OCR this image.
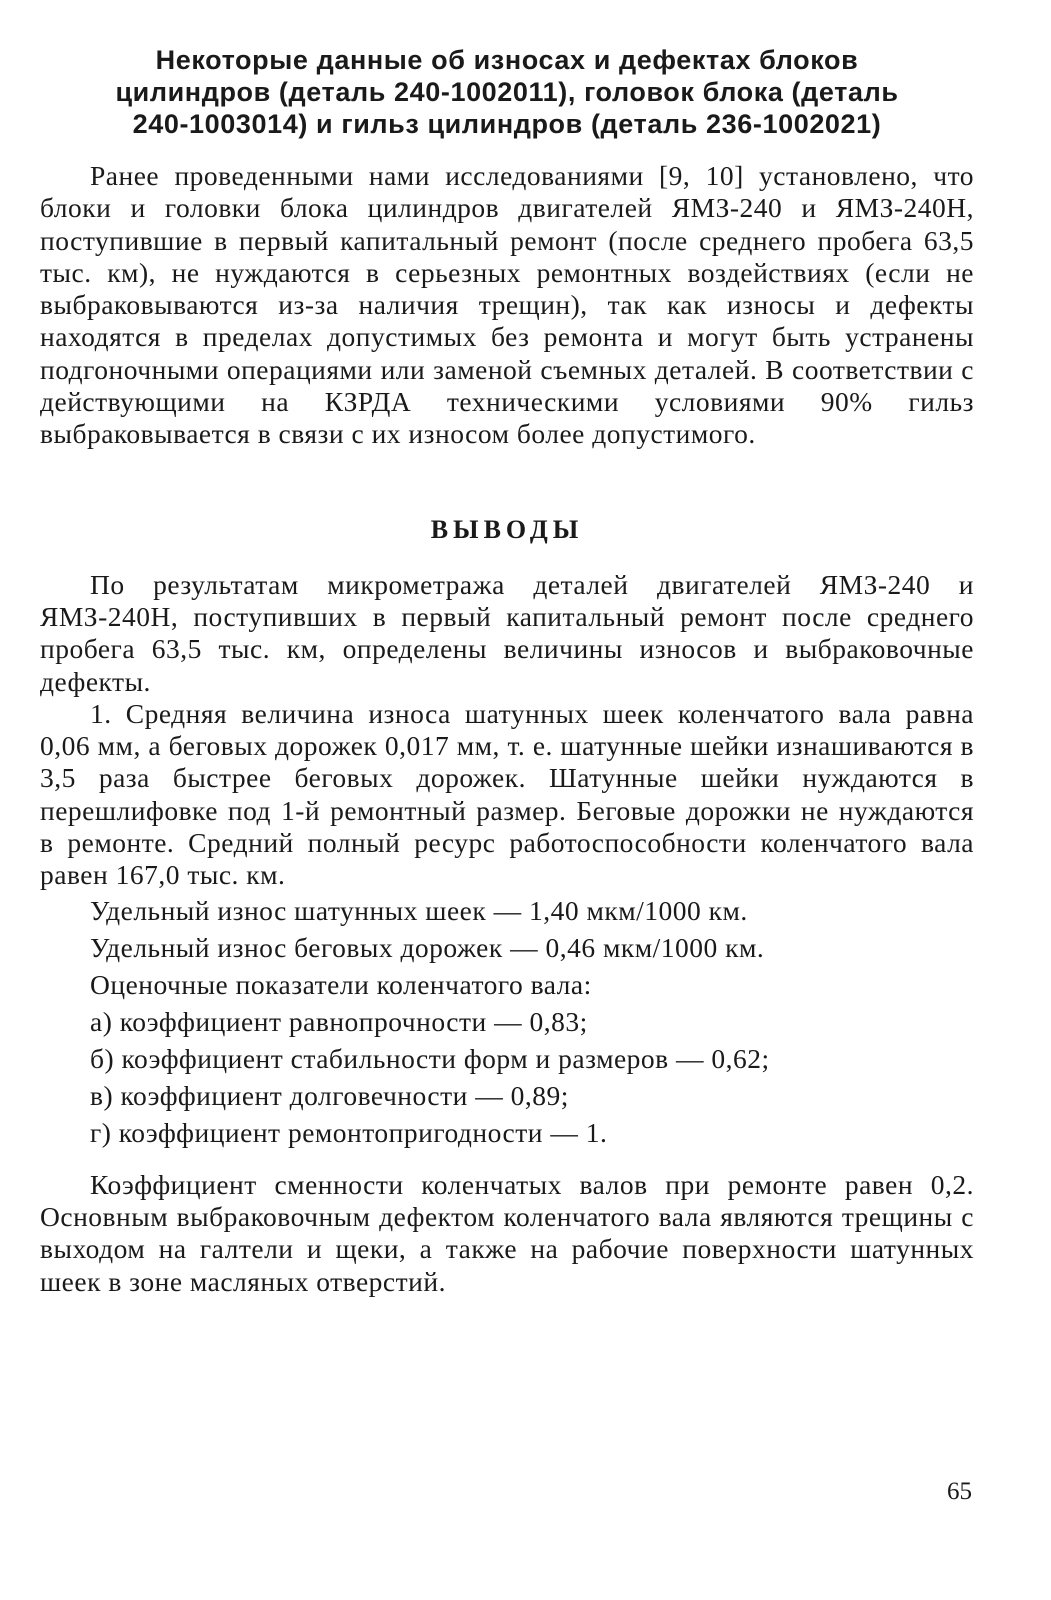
Некоторые данные об износах и дефектах блоков
цилиндров (деталь 240-1002011), головок блока (деталь
240-1003014) и гильз цилиндров (деталь 236-1002021)

Ранее проведенными нами исследованиями [9, 10] установлено, что блоки и головки блока цилиндров двигателей ЯМЗ-240 и ЯМЗ-240Н, поступившие в первый капитальный ремонт (после среднего пробега 63,5 тыс. км), не нуждаются в серьезных ремонтных воздействиях (если не выбраковываются из-за наличия трещин), так как износы и дефекты находятся в пределах допустимых без ремонта и могут быть устранены подгоночными операциями или заменой съемных деталей. В соответствии с действующими на КЗРДА техническими условиями 90% гильз выбраковывается в связи с их износом более допустимого.

ВЫВОДЫ

По результатам микрометража деталей двигателей ЯМЗ-240 и ЯМЗ-240Н, поступивших в первый капитальный ремонт после среднего пробега 63,5 тыс. км, определены величины износов и выбраковочные дефекты.

1. Средняя величина износа шатунных шеек коленчатого вала равна 0,06 мм, а беговых дорожек 0,017 мм, т. е. шатунные шейки изнашиваются в 3,5 раза быстрее беговых дорожек. Шатунные шейки нуждаются в перешлифовке под 1-й ремонтный размер. Беговые дорожки не нуждаются в ремонте. Средний полный ресурс работоспособности коленчатого вала равен 167,0 тыс. км.

Удельный износ шатунных шеек — 1,40 мкм/1000 км.

Удельный износ беговых дорожек — 0,46 мкм/1000 км.

Оценочные показатели коленчатого вала:

а) коэффициент равнопрочности — 0,83;

б) коэффициент стабильности форм и размеров — 0,62;

в) коэффициент долговечности — 0,89;

г) коэффициент ремонтопригодности — 1.

Коэффициент сменности коленчатых валов при ремонте равен 0,2. Основным выбраковочным дефектом коленчатого вала являются трещины с выходом на галтели и щеки, а также на рабочие поверхности шатунных шеек в зоне масляных отверстий.

65
